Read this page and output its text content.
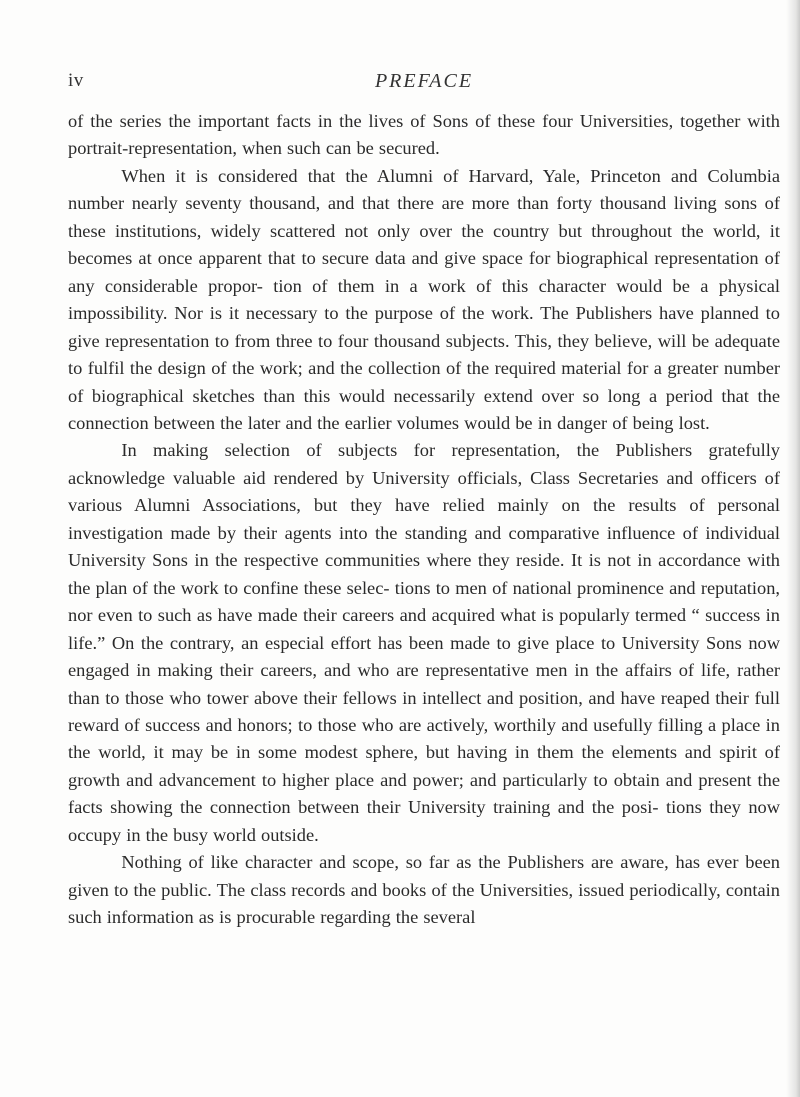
iv	PREFACE

of the series the important facts in the lives of Sons of these four Universities, together with portrait-representation, when such can be secured.

When it is considered that the Alumni of Harvard, Yale, Princeton and Columbia number nearly seventy thousand, and that there are more than forty thousand living sons of these institutions, widely scattered not only over the country but throughout the world, it becomes at once apparent that to secure data and give space for biographical representation of any considerable propor- tion of them in a work of this character would be a physical impossibility. Nor is it necessary to the purpose of the work. The Publishers have planned to give representation to from three to four thousand subjects. This, they believe, will be adequate to fulfil the design of the work; and the collection of the required material for a greater number of biographical sketches than this would necessarily extend over so long a period that the connection between the later and the earlier volumes would be in danger of being lost.

In making selection of subjects for representation, the Publishers gratefully acknowledge valuable aid rendered by University officials, Class Secretaries and officers of various Alumni Associations, but they have relied mainly on the results of personal investigation made by their agents into the standing and comparative influence of individual University Sons in the respective communities where they reside. It is not in accordance with the plan of the work to confine these selec- tions to men of national prominence and reputation, nor even to such as have made their careers and acquired what is popularly termed “ success in life.” On the contrary, an especial effort has been made to give place to University Sons now engaged in making their careers, and who are representative men in the affairs of life, rather than to those who tower above their fellows in intellect and position, and have reaped their full reward of success and honors; to those who are actively, worthily and usefully filling a place in the world, it may be in some modest sphere, but having in them the elements and spirit of growth and advancement to higher place and power; and particularly to obtain and present the facts showing the connection between their University training and the posi- tions they now occupy in the busy world outside.

Nothing of like character and scope, so far as the Publishers are aware, has ever been given to the public. The class records and books of the Universities, issued periodically, contain such information as is procurable regarding the several
